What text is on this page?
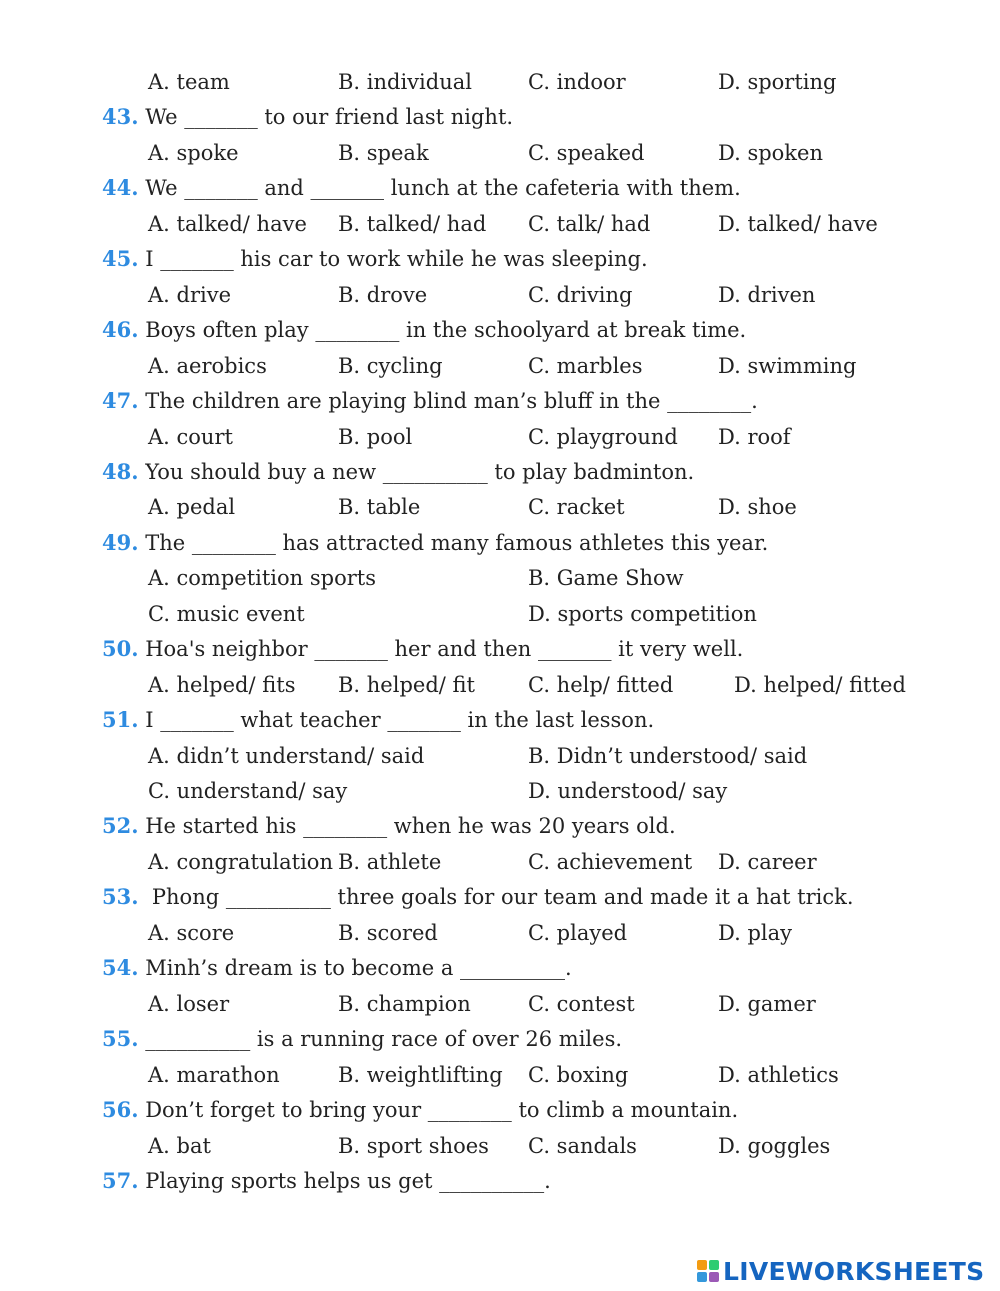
A. team	B. individual	C. indoor	D. sporting
43. We _______ to our friend last night.
A. spoke	B. speak	C. speaked	D. spoken
44. We _______ and _______ lunch at the cafeteria with them.
A. talked/ have B. talked/ had C. talk/ had	D. talked/ have
45. I _______ his car to work while he was sleeping.
A. drive	B. drove	C. driving	D. driven
46. Boys often play ________ in the schoolyard at break time.
A. aerobics	B. cycling	C. marbles	D. swimming
47. The children are playing blind man’s bluff in the ________.
A. court	B. pool	C. playground D. roof
48. You should buy a new __________ to play badminton.
A. pedal	B. table	C. racket	D. shoe
49. The ________ has attracted many famous athletes this year.
A. competition sports	B. Game Show
C. music event	D. sports competition
50. Hoa's neighbor _______ her and then _______ it very well.
A. helped/ fits B. helped/ fit	C. help/ fitted	D. helped/ fitted
51. I _______ what teacher _______ in the last lesson.
A. didn’t understand/ said	B. Didn’t understood/ said
C. understand/ say	D. understood/ say
52. He started his ________ when he was 20 years old.
A. congratulation B. athlete	C. achievement D. career
53.  Phong __________ three goals for our team and made it a hat trick.
A. score	B. scored	C. played	D. play
54. Minh’s dream is to become a __________.
A. loser	B. champion	C. contest	D. gamer
55. __________ is a running race of over 26 miles.
A. marathon	B. weightlifting C. boxing	D. athletics
56. Don’t forget to bring your ________ to climb a mountain.
A. bat	B. sport shoes C. sandals	D. goggles
57. Playing sports helps us get __________.
LIVEWORKSHEETS
